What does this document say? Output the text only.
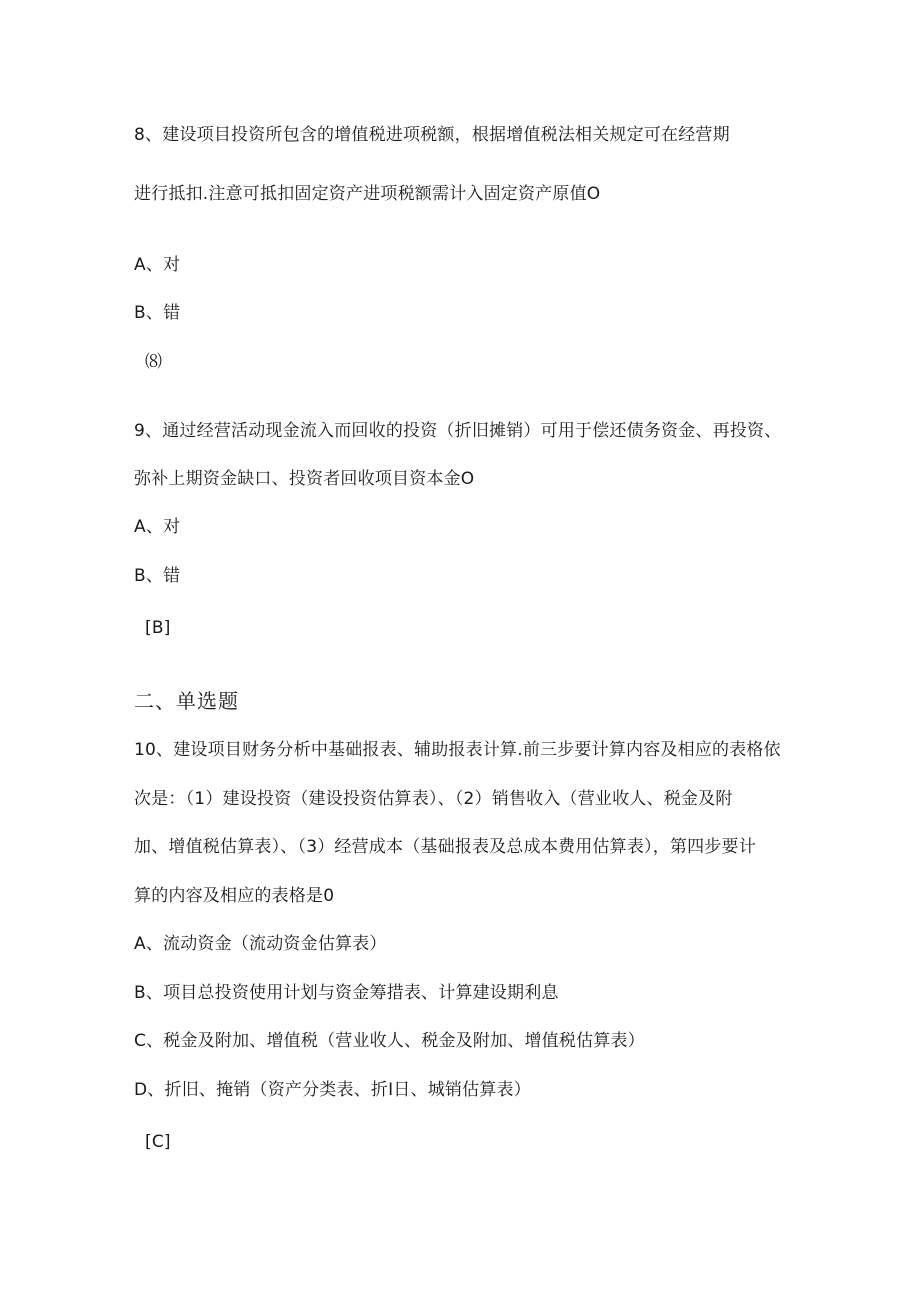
8、建设项目投资所包含的增值税进项税额，根据增值税法相关规定可在经营期
进行抵扣.注意可抵扣固定资产进项税额需计入固定资产原值O
A、对
B、错
⑻
9、通过经营活动现金流入而回收的投资（折旧摊销）可用于偿还债务资金、再投资、
弥补上期资金缺口、投资者回收项目资本金O
A、对
B、错
[B]
二、单选题
10、建设项目财务分析中基础报表、辅助报表计算.前三步要计算内容及相应的表格依
次是：（1）建设投资（建设投资估算表）、（2）销售收入（营业收人、税金及附
加、增值税估算表）、（3）经营成本（基础报表及总成本费用估算表），第四步要计
算的内容及相应的表格是0
A、流动资金（流动资金估算表）
B、项目总投资使用计划与资金筹措表、计算建设期利息
C、税金及附加、增值税（营业收人、税金及附加、增值税估算表）
D、折旧、掩销（资产分类表、折I日、城销估算表）
[C]
